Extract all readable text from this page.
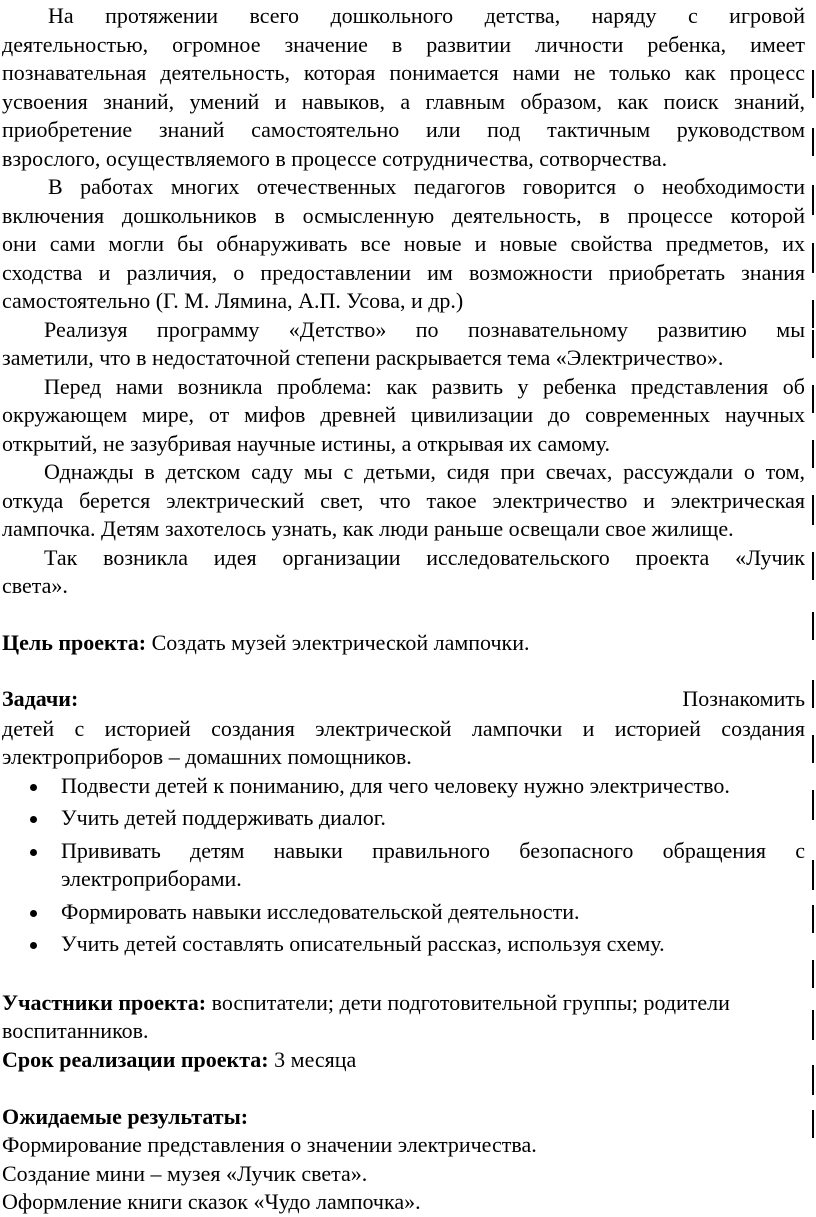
На протяжении всего дошкольного детства, наряду с игровой
деятельностью, огромное значение в развитии личности ребенка, имеет
познавательная деятельность, которая понимается нами не только как процесс
усвоения знаний, умений и навыков, а главным образом, как поиск знаний,
приобретение знаний самостоятельно или под тактичным руководством
взрослого, осуществляемого в процессе сотрудничества, сотворчества.

В работах многих отечественных педагогов говорится о необходимости
включения дошкольников в осмысленную деятельность, в процессе которой
они сами могли бы обнаруживать все новые и новые свойства предметов, их
сходства и различия, о предоставлении им возможности приобретать знания
самостоятельно (Г. М. Лямина, А.П. Усова, и др.)

Реализуя программу «Детство» по познавательному развитию мы
заметили, что в недостаточной степени раскрывается тема «Электричество».

Перед нами возникла проблема: как развить у ребенка представления об
окружающем мире, от мифов древней цивилизации до современных научных
открытий, не зазубривая научные истины, а открывая их самому.

Однажды в детском саду мы с детьми, сидя при свечах, рассуждали о том,
откуда берется электрический свет, что такое электричество и электрическая
лампочка. Детям захотелось узнать, как люди раньше освещали свое жилище.

Так возникла идея организации исследовательского проекта «Лучик
света».

Цель проекта: Создать музей электрической лампочки.

Задачи:	Познакомить

детей с историей создания электрической лампочки и историей создания
электроприборов – домашних помощников.

Подвести детей к пониманию, для чего человеку нужно электричество.

Учить детей поддерживать диалог.

Прививать детям навыки правильного безопасного обращения с
электроприборами.

Формировать навыки исследовательской деятельности.

Учить детей составлять описательный рассказ, используя схему.

Участники проекта: воспитатели; дети подготовительной группы; родители
воспитанников.

Срок реализации проекта: 3 месяца

Ожидаемые результаты:

Формирование представления о значении электричества.

Создание мини – музея «Лучик света».

Оформление книги сказок «Чудо лампочка».
